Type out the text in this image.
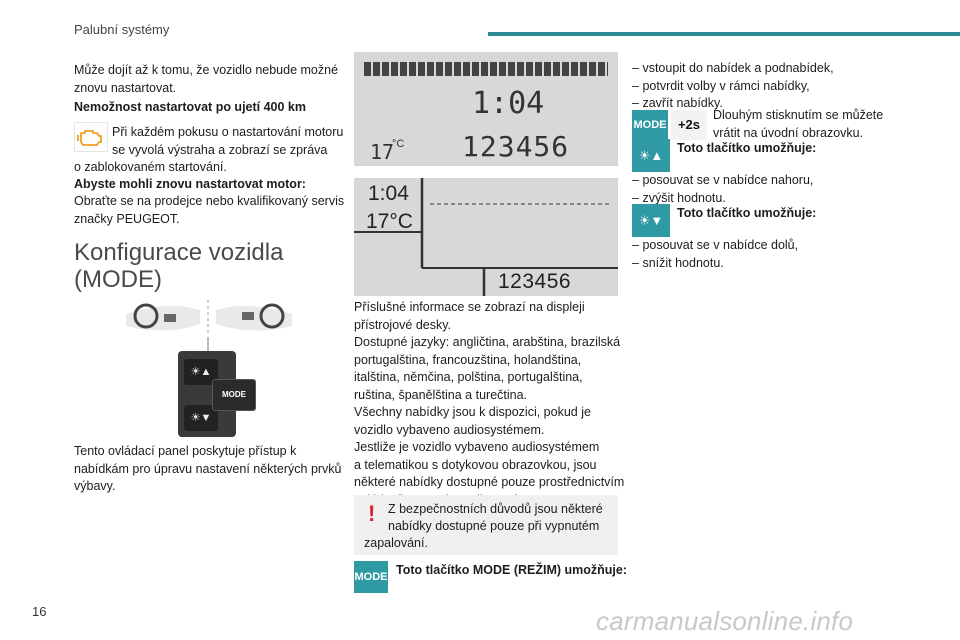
Palubní systémy
Může dojít až k tomu, že vozidlo nebude možné
znovu nastartovat.
Nemožnost nastartovat po ujetí 400 km
Při každém pokusu o nastartování motoru
se vyvolá výstraha a zobrazí se zpráva
o zablokovaném startování.
Abyste mohli znovu nastartovat motor:
Obraťte se na prodejce nebo kvalifikovaný servis
značky PEUGEOT.
Konfigurace vozidla
(MODE)
☀▲
☀▼
MODE
Tento ovládací panel poskytuje přístup k
nabídkám pro úpravu nastavení některých prvků
výbavy.
1:04
17
°C 123456
1:04
17°C
123456
Příslušné informace se zobrazí na displeji
přístrojové desky.
Dostupné jazyky: angličtina, arabština, brazilská
portugalština, francouzština, holandština,
italština, němčina, polština, portugalština,
ruština, španělština a turečtina.
Všechny nabídky jsou k dispozici, pokud je
vozidlo vybaveno audiosystémem.
Jestliže je vozidlo vybaveno audiosystémem
a telematikou s dotykovou obrazovkou, jsou
některé nabídky dostupné pouze prostřednictvím
! Z bezpečnostních důvodů jsou některé
nabídky dostupné pouze při vypnutém
zapalování.
MODE Toto tlačítko MODE (REŽIM) umožňuje:
– vstoupit do nabídek a podnabídek,
– potvrdit volby v rámci nabídky,
– zavřít nabídky.
MODE +2s
Dlouhým stisknutím se můžete
vrátit na úvodní obrazovku.
☀▲	Toto tlačítko umožňuje:
– posouvat se v nabídce nahoru,
– zvýšit hodnotu.
☀▼	Toto tlačítko umožňuje:
– posouvat se v nabídce dolů,
– snížit hodnotu.
16	carmanualsonline.info
